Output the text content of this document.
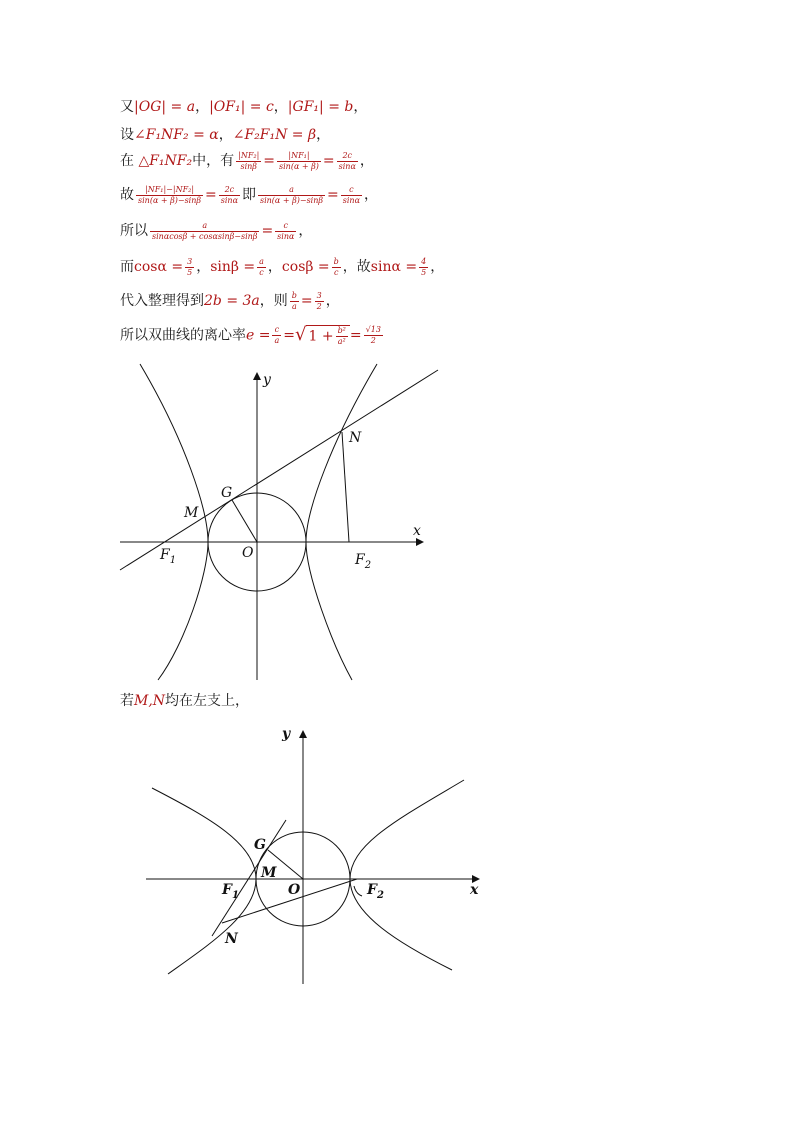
又|OG| = a，|OF₁| = c，|GF₁| = b，
设∠F₁NF₂ = α，∠F₂F₁N = β，
在 △F₁NF₂中，有 $\frac{\text{|NF₂|}}{\sin\beta} = \frac{\text{|NF₁|}}{\sin(\alpha + \beta)} = \frac{2c}{\sin\alpha}$ ，
故 $\frac{\text{|NF₁|−|NF₂|}}{\sin(\alpha + \beta)-\sin\beta} = \frac{2c}{\sin\alpha}$ 即 $\frac{a}{\sin(\alpha + \beta)-\sin\beta} = \frac{c}{\sin\alpha}$ ，
所以 $\frac{a}{\sin\alpha\cos\beta + \cos\alpha\sin\beta-\sin\beta} = \frac{c}{\sin\alpha}$ ，
而$\cos\alpha = \frac{3}{5}$ ，$\sin\beta = \frac{a}{c}$ ，$\cos\beta = \frac{b}{c}$ ，故$\sin\alpha = \frac{4}{5}$ ，
代入整理得到2b = 3a，则 $\frac{b}{a} = \frac{3}{2}$ ，
所以双曲线的离心率$e = \frac{c}{a}$ =√ $1 + \frac{\text{b²}}{\text{a²}} = \frac{√13}{2}$
y
x
N
G
M
$F_1$	O	$F_2$
若M,N均在左支上，
y
x
G
M
$F_1$	O	$F_2$
N
